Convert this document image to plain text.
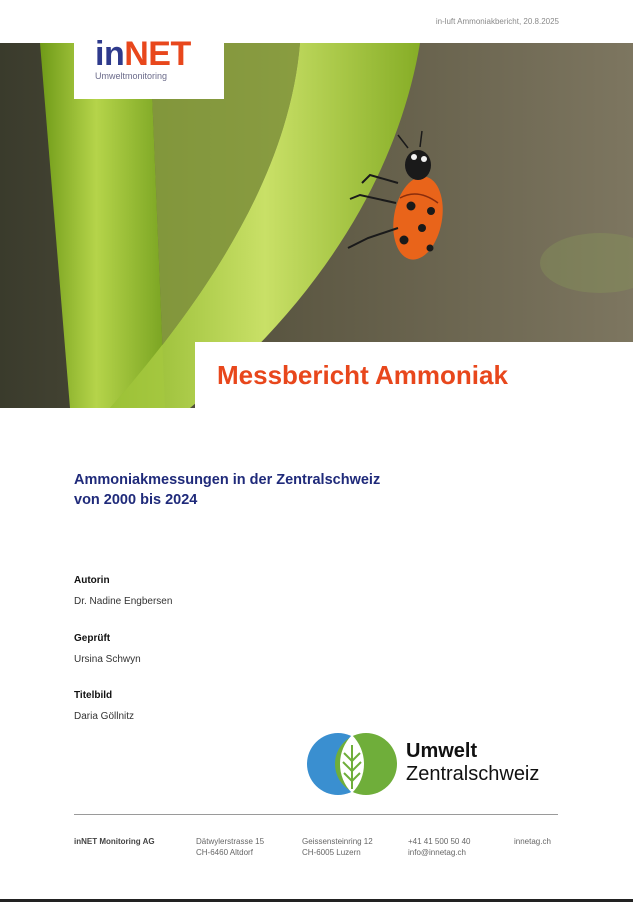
in-luft Ammoniakbericht, 20.8.2025
inNET
Umweltmonitoring
Messbericht Ammoniak
Ammoniakmessungen in der Zentralschweiz
von 2000 bis 2024
Autorin
Dr. Nadine Engbersen
Geprüft
Ursina Schwyn
Titelbild
Daria Göllnitz
Umwelt
Zentralschweiz
inNET Monitoring AG	Dätwylerstrasse 15
CH-6460 Altdorf
Geissensteinring 12
CH-6005 Luzern
+41 41 500 50 40
info@innetag.ch
innetag.ch
